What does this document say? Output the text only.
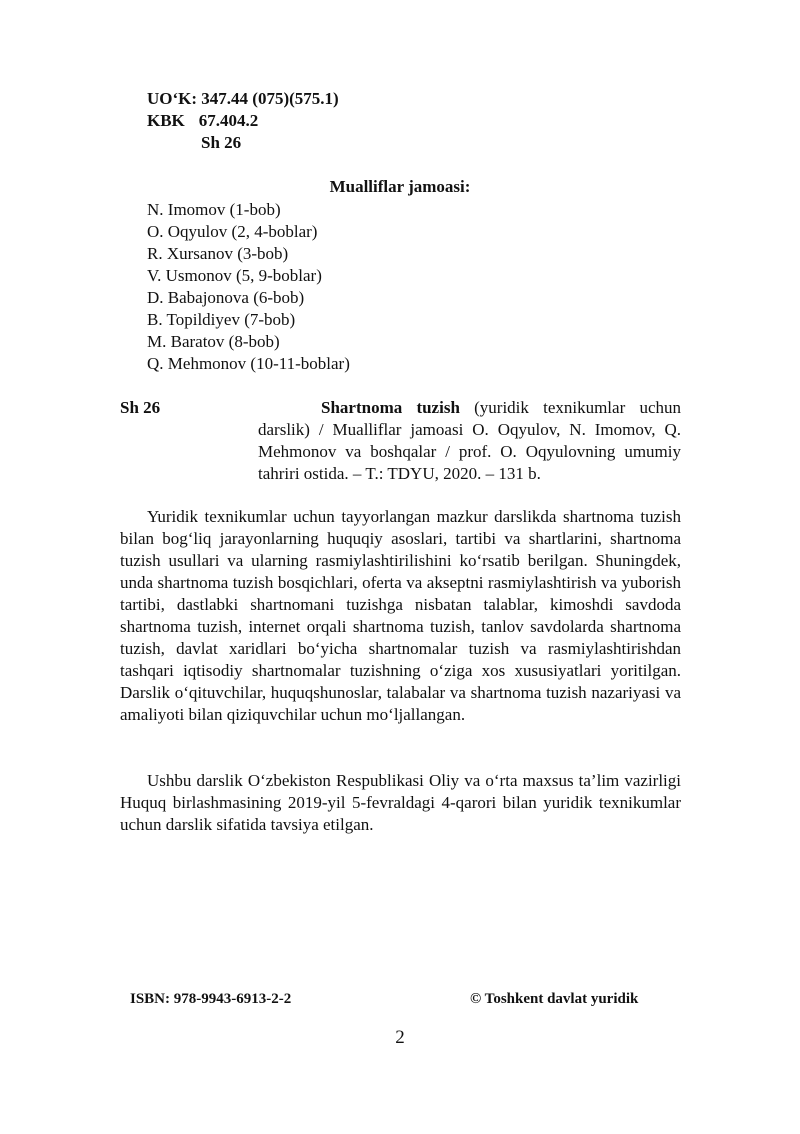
UO‘K: 347.44 (075)(575.1)
KBK 67.404.2
Sh 26
Mualliflar jamoasi:
N. Imomov (1-bob)
O. Oqyulov (2, 4-boblar)
R. Xursanov (3-bob)
V. Usmonov (5, 9-boblar)
D. Babajonova (6-bob)
B. Topildiyev (7-bob)
M. Baratov (8-bob)
Q. Mehmonov (10-11-boblar)
Sh 26	Shartnoma tuzish (yuridik texnikumlar uchun darslik) / Mualliflar jamoasi O. Oqyulov, N. Imomov, Q. Mehmonov va boshqalar / prof. O. Oqyulovning umumiy tahriri ostida. – T.: TDYU, 2020. – 131 b.

Yuridik texnikumlar uchun tayyorlangan mazkur darslikda shartnoma tuzish bilan bog‘liq jarayonlarning huquqiy asoslari, tartibi va shartlarini, shartnoma tuzish usullari va ularning rasmiylashtirilishini ko‘rsatib berilgan. Shuningdek, unda shartnoma tuzish bosqichlari, oferta va akseptni rasmiylashtirish va yuborish tartibi, dastlabki shartnomani tuzishga nisbatan talablar, kimoshdi savdoda shartnoma tuzish, internet orqali shartnoma tuzish, tanlov savdolarda shartnoma tuzish, davlat xaridlari bo‘yicha shartnomalar tuzish va rasmiylashtirishdan tashqari iqtisodiy shartnomalar tuzishning o‘ziga xos xususiyatlari yoritilgan. Darslik o‘qituvchilar, huquqshunoslar, talabalar va shartnoma tuzish nazariyasi va amaliyoti bilan qiziquvchilar uchun mo‘ljallangan.

Ushbu darslik O‘zbekiston Respublikasi Oliy va o‘rta maxsus ta’lim vazirligi Huquq birlashmasining 2019-yil 5-fevraldagi 4-qarori bilan yuridik texnikumlar uchun darslik sifatida tavsiya etilgan.

ISBN: 978-9943-6913-2-2	© Toshkent davlat yuridik
2
